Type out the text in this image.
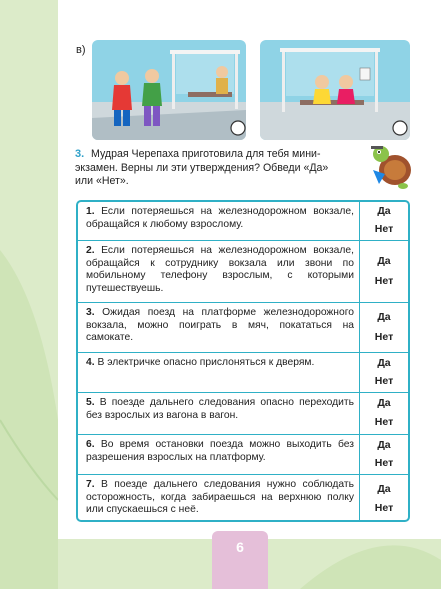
в)
3. Мудрая Черепаха приготовила для тебя мини-экзамен. Верны ли эти утверждения? Обведи «Да» или «Нет».
1. Если потеряешься на железнодорожном вокзале, обращайся к любому взрослому.
Да
Нет
2. Если потеряешься на железнодорожном вокзале, обращайся к сотруднику вокзала или звони по мобильному телефону взрослым, с которыми путешествуешь.
Да
Нет
3. Ожидая поезд на платформе железнодорожного вокзала, можно поиграть в мяч, покататься на самокате.
Да
Нет
4. В электричке опасно прислоняться к дверям.	Да
Нет
5. В поезде дальнего следования опасно переходить без взрослых из вагона в вагон.
Да
Нет
6. Во время остановки поезда можно выходить без разрешения взрослых на платформу.
Да
Нет
7. В поезде дальнего следования нужно соблюдать осторожность, когда забираешься на верхнюю полку или спускаешься с неё.
Да
Нет
6
